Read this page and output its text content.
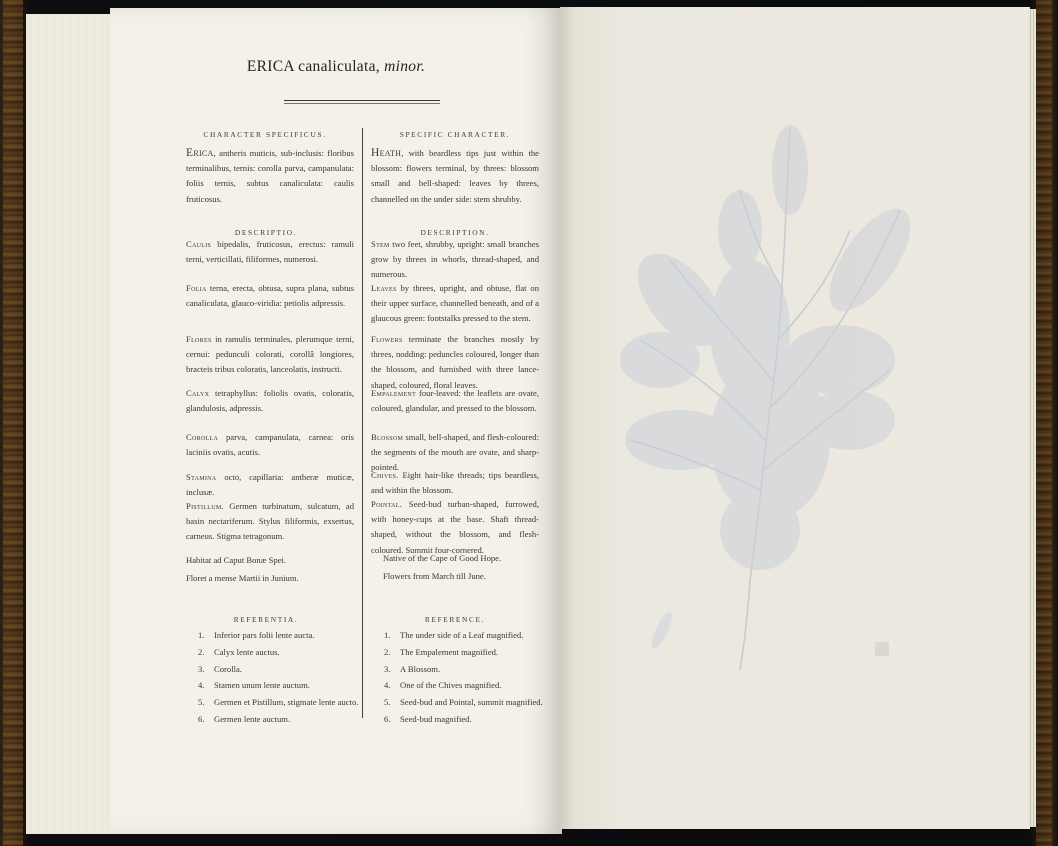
ERICA canaliculata, minor.
CHARACTER SPECIFICUS.

Erica, antheris muticis, sub-inclusis: floribus terminalibus, ternis: corolla parva, campanulata: foliis ternis, subtus canaliculata: caulis fruticosus.

DESCRIPTIO.

Caulis bipedalis, fruticosus, erectus: ramuli terni, verticillati, filiformes, numerosi.

Folia terna, erecta, obtusa, supra plana, subtus canaliculata, glauco-viridia: petiolis adpressis.

Flores in ramulis terminales, plerumque terni, cernui: pedunculi colorati, corollâ longiores, bracteis tribus coloratis, lanceolatis, instructi.

Calyx tetraphyllus: foliolis ovatis, coloratis, glandulosis, adpressis.

Corolla parva, campanulata, carnea: oris laciniis ovatis, acutis.

Stamina octo, capillaria: antheræ muticæ, inclusæ.

Pistillum. Germen turbinatum, sulcatum, ad basin nectariferum. Stylus filiformis, exsertus, carneus. Stigma tetragonum.

Habitat ad Caput Bonæ Spei.

Floret a mense Martii in Junium.

REFERENTIA.
1. Inferior pars folii lente aucta.
2. Calyx lente auctus.
3. Corolla.
4. Stamen unum lente auctum.
5. Germen et Pistillum, stigmate lente aucto.
6. Germen lente auctum.
SPECIFIC CHARACTER.

Heath, with beardless tips just within the blossom: flowers terminal, by threes: blossom small and bell-shaped: leaves by threes, channelled on the under side: stem shrubby.

DESCRIPTION.

Stem two feet, shrubby, upright: small branches grow by threes in whorls, thread-shaped, and numerous.

Leaves by threes, upright, and obtuse, flat on their upper surface, channelled beneath, and of a glaucous green: footstalks pressed to the stem.

Flowers terminate the branches mostly by threes, nodding: peduncles coloured, longer than the blossom, and furnished with three lance-shaped, coloured, floral leaves.

Empalement four-leaved: the leaflets are ovate, coloured, glandular, and pressed to the blossom.

Blossom small, bell-shaped, and flesh-coloured: the segments of the mouth are ovate, and sharp-pointed.

Chives. Eight hair-like threads; tips beardless, and within the blossom.

Pointal. Seed-bud turban-shaped, furrowed, with honey-cups at the base. Shaft thread-shaped, without the blossom, and flesh-coloured. Summit four-cornered.

Native of the Cape of Good Hope.

Flowers from March till June.

REFERENCE.
1. The under side of a Leaf magnified.
2. The Empalement magnified.
3. A Blossom.
4. One of the Chives magnified.
5. Seed-bud and Pointal, summit magnified.
6. Seed-bud magnified.
